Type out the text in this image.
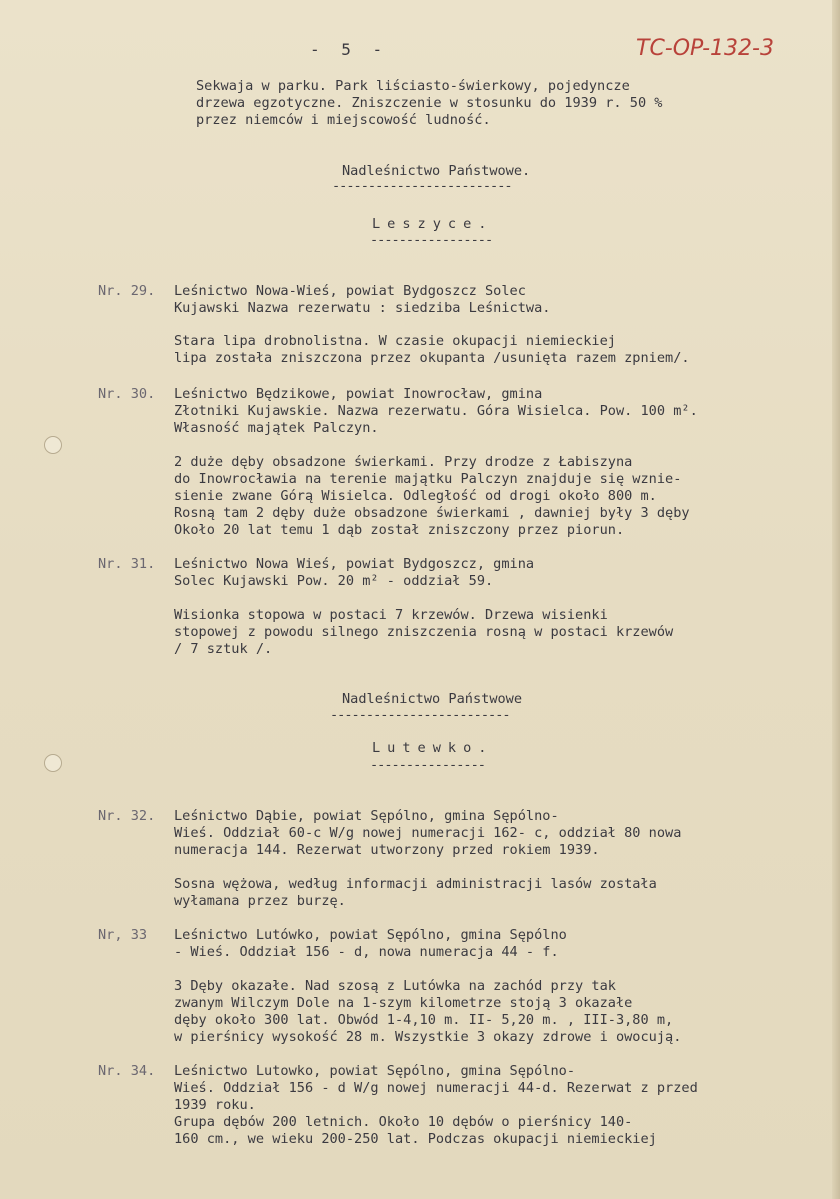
- 5 -	TC-OP-132-3
Sekwaja w parku. Park liściasto-świerkowy, pojedyncze
drzewa egzotyczne. Zniszczenie w stosunku do 1939 r. 50 %
przez niemców i miejscowość ludność.
Nadleśnictwo Państwowe.
-------------------------
Leszyce.
-----------------
Nr. 29. Leśnictwo Nowa-Wieś, powiat Bydgoszcz Solec
Kujawski Nazwa rezerwatu : siedziba Leśnictwa.
Stara lipa drobnolistna. W czasie okupacji niemieckiej
lipa została zniszczona przez okupanta /usunięta razem zpniem/.
Nr. 30. Leśnictwo Będzikowe, powiat Inowrocław, gmina
Złotniki Kujawskie. Nazwa rezerwatu. Góra Wisielca. Pow. 100 m².
Własność majątek Palczyn.
2 duże dęby obsadzone świerkami. Przy drodze z Łabiszyna
do Inowrocławia na terenie majątku Palczyn znajduje się wznie-
sienie zwane Górą Wisielca. Odległość od drogi około 800 m.
Rosną tam 2 dęby duże obsadzone świerkami , dawniej były 3 dęby
Około 20 lat temu 1 dąb został zniszczony przez piorun.
Nr. 31. Leśnictwo Nowa Wieś, powiat Bydgoszcz, gmina
Solec Kujawski Pow. 20 m² - oddział 59.
Wisionka stopowa w postaci 7 krzewów. Drzewa wisienki
stopowej z powodu silnego zniszczenia rosną w postaci krzewów
/ 7 sztuk /.
Nadleśnictwo Państwowe
-------------------------
Lutewko.
----------------
Nr. 32. Leśnictwo Dąbie, powiat Sępólno, gmina Sępólno-
Wieś. Oddział 60-c W/g nowej numeracji 162- c, oddział 80 nowa
numeracja 144. Rezerwat utworzony przed rokiem 1939.
Sosna wężowa, według informacji administracji lasów została
wyłamana przez burzę.
Nr, 33 Leśnictwo Lutówko, powiat Sępólno, gmina Sępólno
- Wieś. Oddział 156 - d, nowa numeracja 44 - f.
3 Dęby okazałe. Nad szosą z Lutówka na zachód przy tak
zwanym Wilczym Dole na 1-szym kilometrze stoją 3 okazałe
dęby około 300 lat. Obwód 1-4,10 m. II- 5,20 m. , III-3,80 m,
w pierśnicy wysokość 28 m. Wszystkie 3 okazy zdrowe i owocują.
Nr. 34. Leśnictwo Lutowko, powiat Sępólno, gmina Sępólno-
Wieś. Oddział 156 - d W/g nowej numeracji 44-d. Rezerwat z przed
1939 roku.
Grupa dębów 200 letnich. Około 10 dębów o pierśnicy 140-
160 cm., we wieku 200-250 lat. Podczas okupacji niemieckiej
